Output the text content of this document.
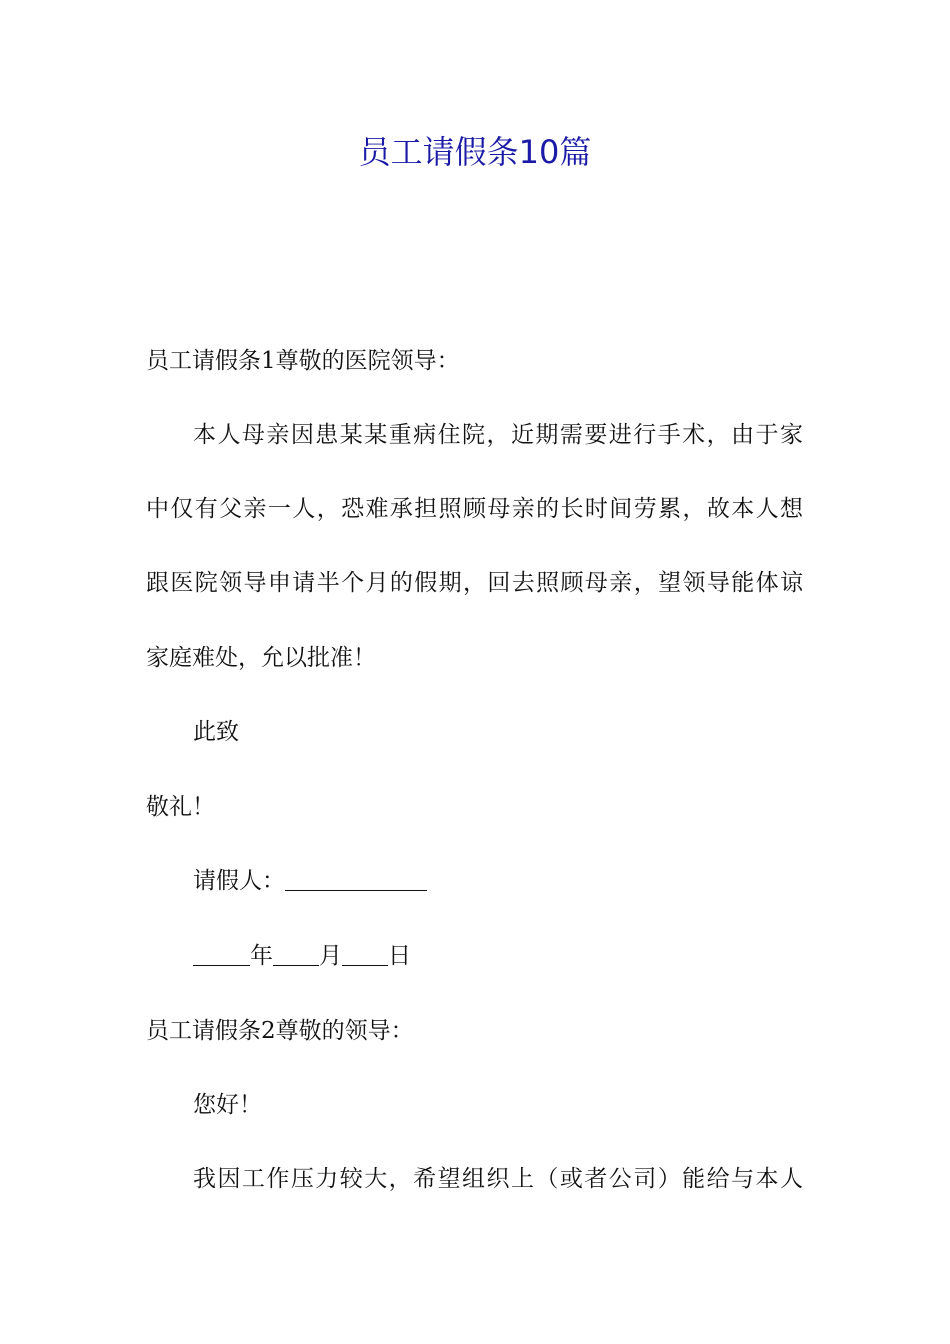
员工请假条10篇
员工请假条1尊敬的医院领导：
本人母亲因患某某重病住院，近期需要进行手术，由于家
中仅有父亲一人，恐难承担照顾母亲的长时间劳累，故本人想
跟医院领导申请半个月的假期，回去照顾母亲，望领导能体谅
家庭难处，允以批准！
此致
敬礼！
请假人：
年 月 日
员工请假条2尊敬的领导：
您好！
我因工作压力较大，希望组织上（或者公司）能给与本人
